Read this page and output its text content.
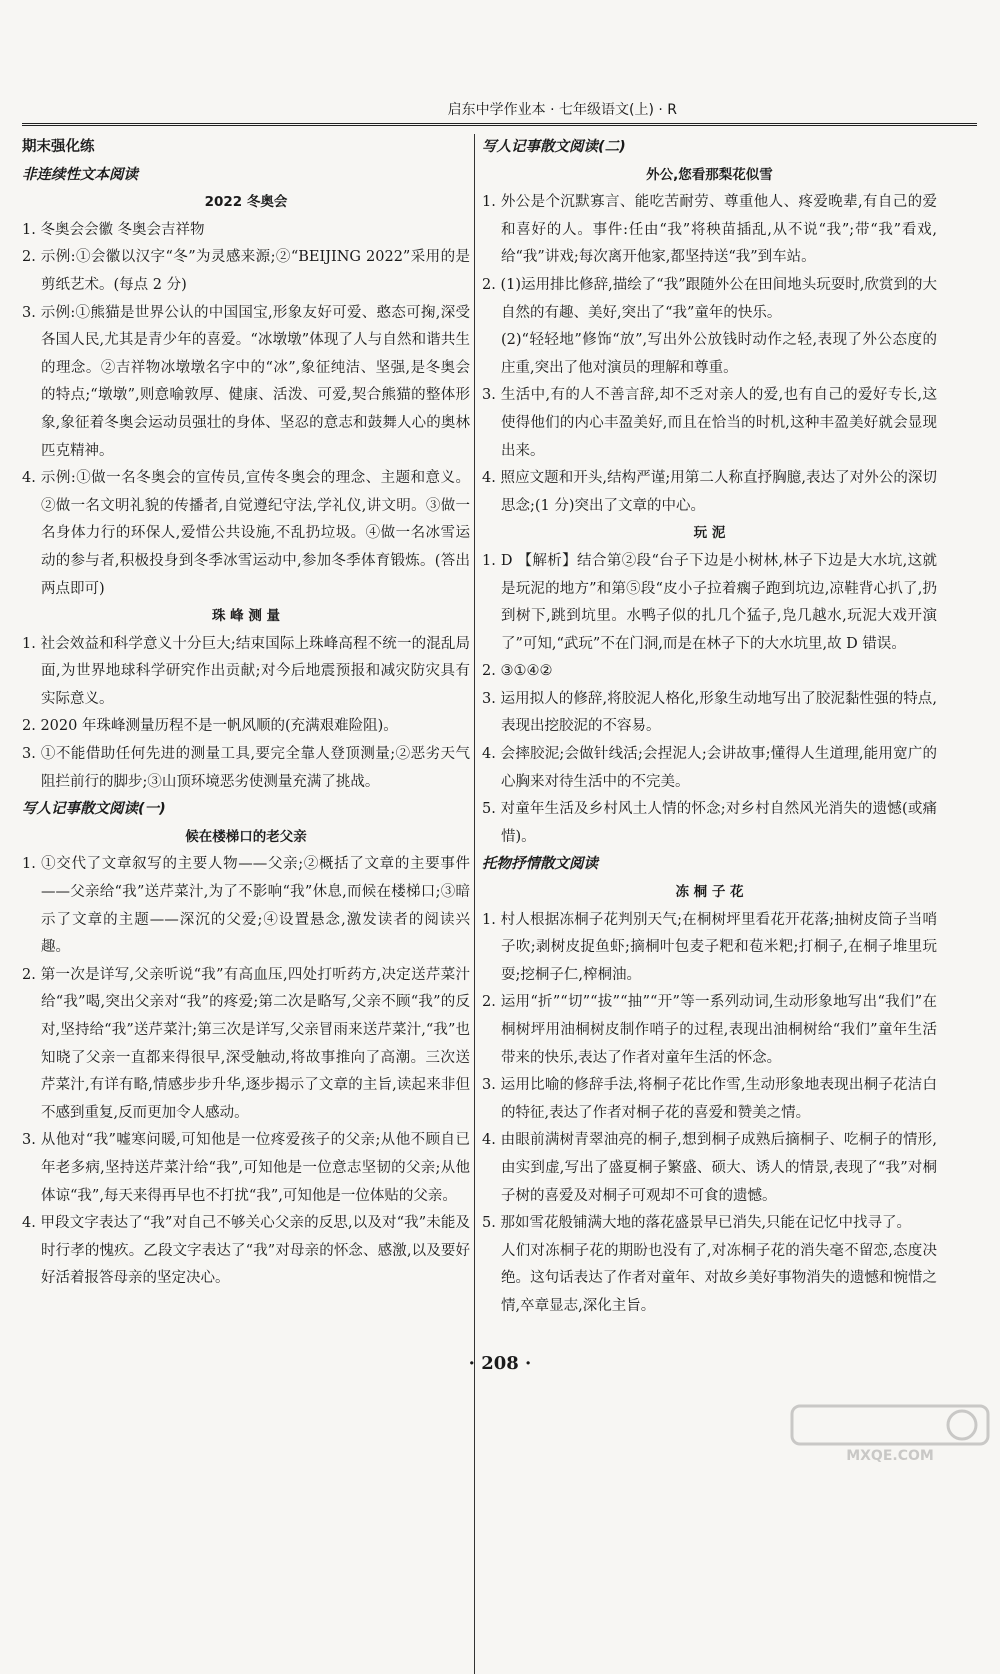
启东中学作业本 · 七年级语文(上) · R

期末强化练

非连续性文本阅读

2022 冬奥会

1. 冬奥会会徽 冬奥会吉祥物

2. 示例:①会徽以汉字“冬”为灵感来源;②“BEIJING 2022”采用的是剪纸艺术。(每点 2 分)

3. 示例:①熊猫是世界公认的中国国宝,形象友好可爱、憨态可掬,深受各国人民,尤其是青少年的喜爱。“冰墩墩”体现了人与自然和谐共生的理念。②吉祥物冰墩墩名字中的“冰”,象征纯洁、坚强,是冬奥会的特点;“墩墩”,则意喻敦厚、健康、活泼、可爱,契合熊猫的整体形象,象征着冬奥会运动员强壮的身体、坚忍的意志和鼓舞人心的奥林匹克精神。

4. 示例:①做一名冬奥会的宣传员,宣传冬奥会的理念、主题和意义。②做一名文明礼貌的传播者,自觉遵纪守法,学礼仪,讲文明。③做一名身体力行的环保人,爱惜公共设施,不乱扔垃圾。④做一名冰雪运动的参与者,积极投身到冬季冰雪运动中,参加冬季体育锻炼。(答出两点即可)

珠 峰 测 量

1. 社会效益和科学意义十分巨大;结束国际上珠峰高程不统一的混乱局面,为世界地球科学研究作出贡献;对今后地震预报和减灾防灾具有实际意义。

2. 2020 年珠峰测量历程不是一帆风顺的(充满艰难险阻)。

3. ①不能借助任何先进的测量工具,要完全靠人登顶测量;②恶劣天气阻拦前行的脚步;③山顶环境恶劣使测量充满了挑战。

写人记事散文阅读(一)

候在楼梯口的老父亲

1. ①交代了文章叙写的主要人物——父亲;②概括了文章的主要事件——父亲给“我”送芹菜汁,为了不影响“我”休息,而候在楼梯口;③暗示了文章的主题——深沉的父爱;④设置悬念,激发读者的阅读兴趣。

2. 第一次是详写,父亲听说“我”有高血压,四处打听药方,决定送芹菜汁给“我”喝,突出父亲对“我”的疼爱;第二次是略写,父亲不顾“我”的反对,坚持给“我”送芹菜汁;第三次是详写,父亲冒雨来送芹菜汁,“我”也知晓了父亲一直都来得很早,深受触动,将故事推向了高潮。三次送芹菜汁,有详有略,情感步步升华,逐步揭示了文章的主旨,读起来非但不感到重复,反而更加令人感动。

3. 从他对“我”嘘寒问暖,可知他是一位疼爱孩子的父亲;从他不顾自已年老多病,坚持送芹菜汁给“我”,可知他是一位意志坚韧的父亲;从他体谅“我”,每天来得再早也不打扰“我”,可知他是一位体贴的父亲。

4. 甲段文字表达了“我”对自己不够关心父亲的反思,以及对“我”未能及时行孝的愧疚。乙段文字表达了“我”对母亲的怀念、感激,以及要好好活着报答母亲的坚定决心。

写人记事散文阅读(二)

外公,您看那梨花似雪

1. 外公是个沉默寡言、能吃苦耐劳、尊重他人、疼爱晚辈,有自己的爱和喜好的人。事件:任由“我”将秧苗插乱,从不说“我”;带“我”看戏,给“我”讲戏;每次离开他家,都坚持送“我”到车站。

2. (1)运用排比修辞,描绘了“我”跟随外公在田间地头玩耍时,欣赏到的大自然的有趣、美好,突出了“我”童年的快乐。

(2)“轻轻地”修饰“放”,写出外公放钱时动作之轻,表现了外公态度的庄重,突出了他对演员的理解和尊重。

3. 生活中,有的人不善言辞,却不乏对亲人的爱,也有自己的爱好专长,这使得他们的内心丰盈美好,而且在恰当的时机,这种丰盈美好就会显现出来。

4. 照应文题和开头,结构严谨;用第二人称直抒胸臆,表达了对外公的深切思念;(1 分)突出了文章的中心。

玩 泥

1. D 【解析】结合第②段“台子下边是小树林,林子下边是大水坑,这就是玩泥的地方”和第⑤段“皮小子拉着瘸子跑到坑边,凉鞋背心扒了,扔到树下,跳到坑里。水鸭子似的扎几个猛子,凫几越水,玩泥大戏开演了”可知,“武玩”不在门洞,而是在林子下的大水坑里,故 D 错误。

2. ③①④②

3. 运用拟人的修辞,将胶泥人格化,形象生动地写出了胶泥黏性强的特点,表现出挖胶泥的不容易。

4. 会摔胶泥;会做针线活;会捏泥人;会讲故事;懂得人生道理,能用宽广的心胸来对待生活中的不完美。

5. 对童年生活及乡村风土人情的怀念;对乡村自然风光消失的遗憾(或痛惜)。

托物抒情散文阅读

冻 桐 子 花

1. 村人根据冻桐子花判别天气;在桐树坪里看花开花落;抽树皮筒子当哨子吹;剥树皮捉鱼虾;摘桐叶包麦子粑和苞米粑;打桐子,在桐子堆里玩耍;挖桐子仁,榨桐油。

2. 运用“折”“切”“拔”“抽”“开”等一系列动词,生动形象地写出“我们”在桐树坪用油桐树皮制作哨子的过程,表现出油桐树给“我们”童年生活带来的快乐,表达了作者对童年生活的怀念。

3. 运用比喻的修辞手法,将桐子花比作雪,生动形象地表现出桐子花洁白的特征,表达了作者对桐子花的喜爱和赞美之情。

4. 由眼前满树青翠油亮的桐子,想到桐子成熟后摘桐子、吃桐子的情形,由实到虚,写出了盛夏桐子繁盛、硕大、诱人的情景,表现了“我”对桐子树的喜爱及对桐子可观却不可食的遗憾。

5. 那如雪花般铺满大地的落花盛景早已消失,只能在记忆中找寻了。

人们对冻桐子花的期盼也没有了,对冻桐子花的消失毫不留恋,态度决绝。这句话表达了作者对童年、对故乡美好事物消失的遗憾和惋惜之情,卒章显志,深化主旨。

· 208 ·
MXQE.COM
